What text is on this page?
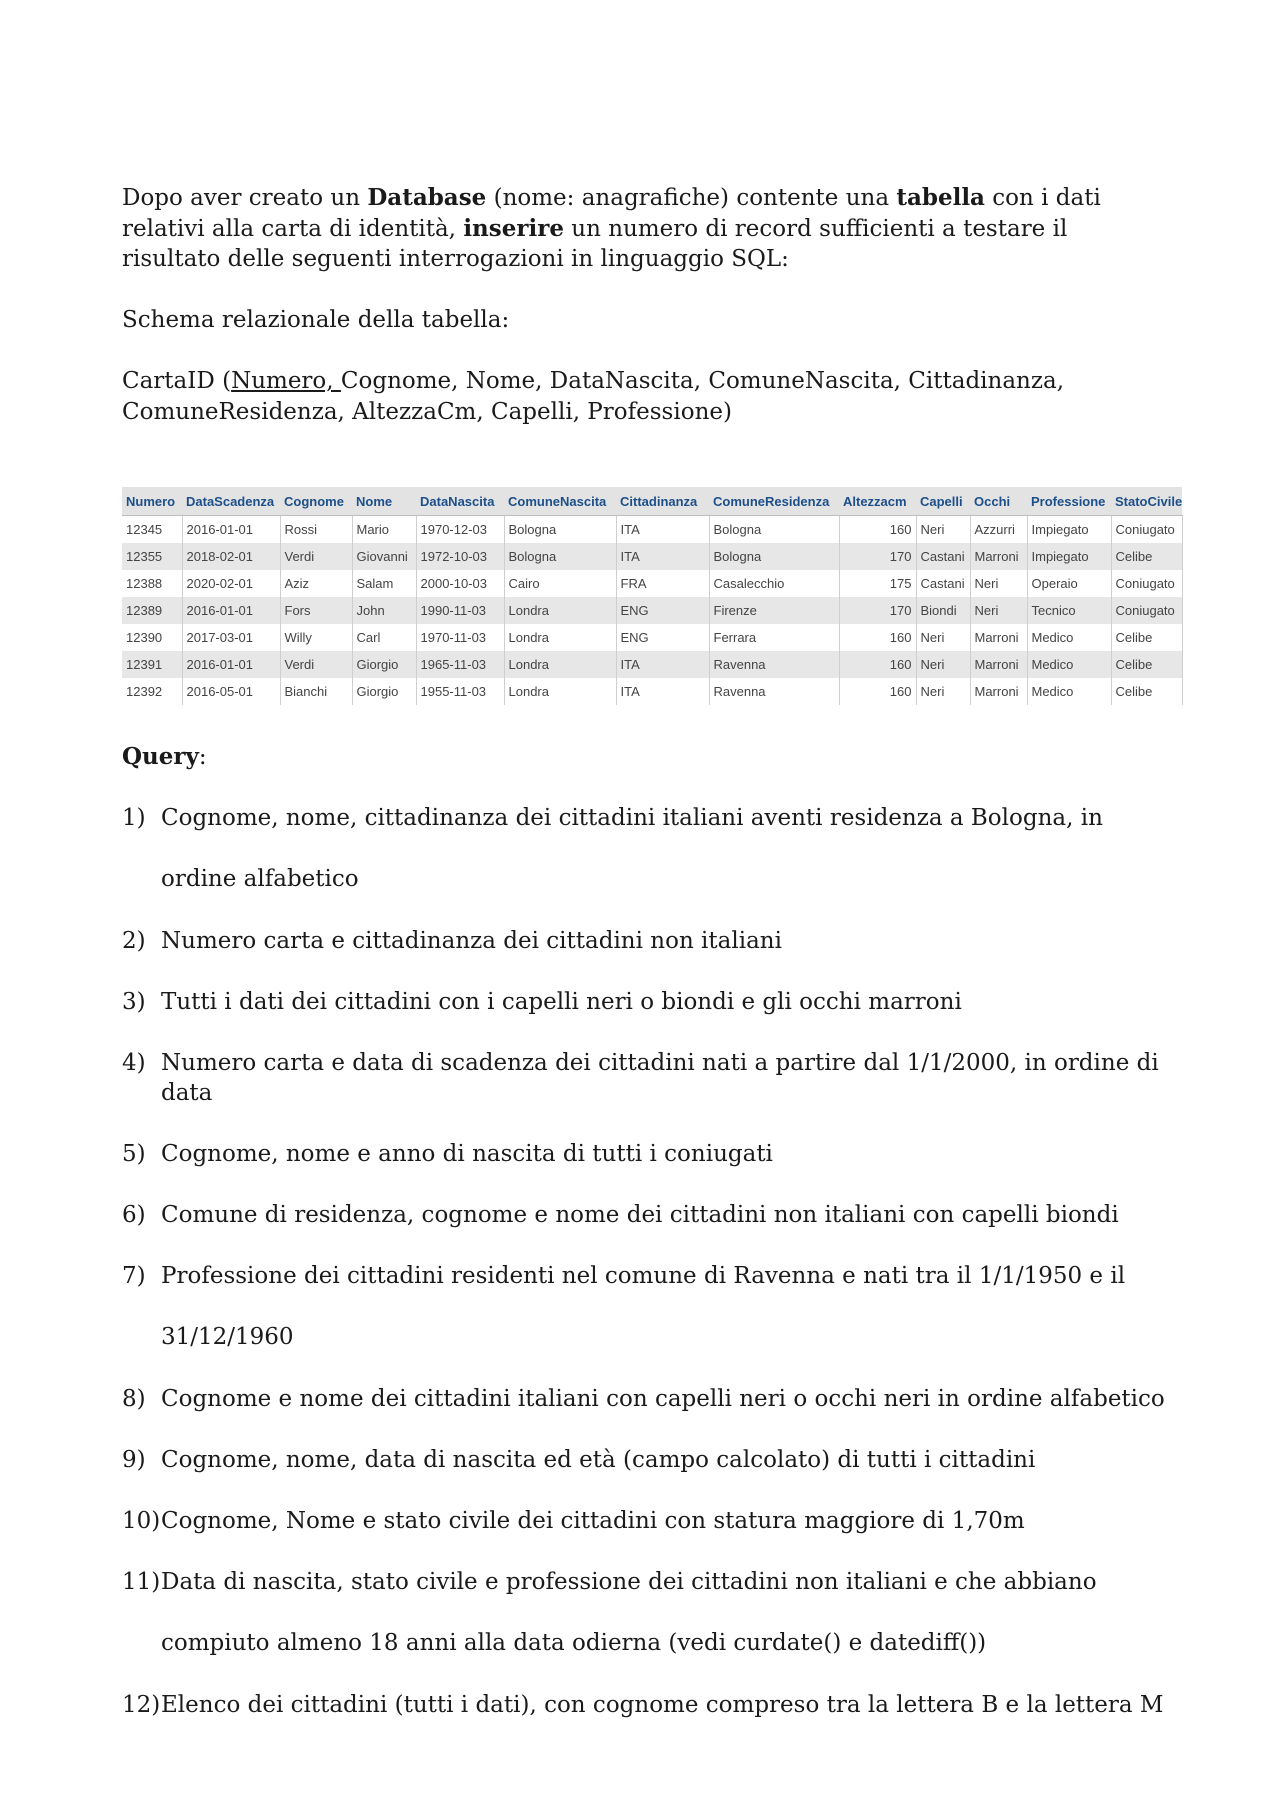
Dopo aver creato un Database (nome: anagrafiche) contente una tabella con i dati relativi alla carta di identità, inserire un numero di record sufficienti a testare il risultato delle seguenti interrogazioni in linguaggio SQL:

Schema relazionale della tabella:

CartaID (Numero, Cognome, Nome, DataNascita, ComuneNascita, Cittadinanza, ComuneResidenza, AltezzaCm, Capelli, Professione)

Numero	DataScadenza	Cognome	Nome	DataNascita	ComuneNascita	Cittadinanza	ComuneResidenza	Altezzacm	Capelli	Occhi	Professione	StatoCivile
12345	2016-01-01	Rossi	Mario	1970-12-03	Bologna	ITA	Bologna	160	Neri	Azzurri	Impiegato	Coniugato
12355	2018-02-01	Verdi	Giovanni	1972-10-03	Bologna	ITA	Bologna	170	Castani	Marroni	Impiegato	Celibe
12388	2020-02-01	Aziz	Salam	2000-10-03	Cairo	FRA	Casalecchio	175	Castani	Neri	Operaio	Coniugato
12389	2016-01-01	Fors	John	1990-11-03	Londra	ENG	Firenze	170	Biondi	Neri	Tecnico	Coniugato
12390	2017-03-01	Willy	Carl	1970-11-03	Londra	ENG	Ferrara	160	Neri	Marroni	Medico	Celibe
12391	2016-01-01	Verdi	Giorgio	1965-11-03	Londra	ITA	Ravenna	160	Neri	Marroni	Medico	Celibe
12392	2016-05-01	Bianchi	Giorgio	1955-11-03	Londra	ITA	Ravenna	160	Neri	Marroni	Medico	Celibe

Query:

1) Cognome, nome, cittadinanza dei cittadini italiani aventi residenza a Bologna, in ordine alfabetico
2) Numero carta e cittadinanza dei cittadini non italiani
3) Tutti i dati dei cittadini con i capelli neri o biondi e gli occhi marroni
4) Numero carta e data di scadenza dei cittadini nati a partire dal 1/1/2000, in ordine di data
5) Cognome, nome e anno di nascita di tutti i coniugati
6) Comune di residenza, cognome e nome dei cittadini non italiani con capelli biondi
7) Professione dei cittadini residenti nel comune di Ravenna e nati tra il 1/1/1950 e il 31/12/1960
8) Cognome e nome dei cittadini italiani con capelli neri o occhi neri in ordine alfabetico
9) Cognome, nome, data di nascita ed età (campo calcolato) di tutti i cittadini
10) Cognome, Nome e stato civile dei cittadini con statura maggiore di 1,70m
11) Data di nascita, stato civile e professione dei cittadini non italiani e che abbiano compiuto almeno 18 anni alla data odierna (vedi curdate() e datediff())
12) Elenco dei cittadini (tutti i dati), con cognome compreso tra la lettera B e la lettera M
